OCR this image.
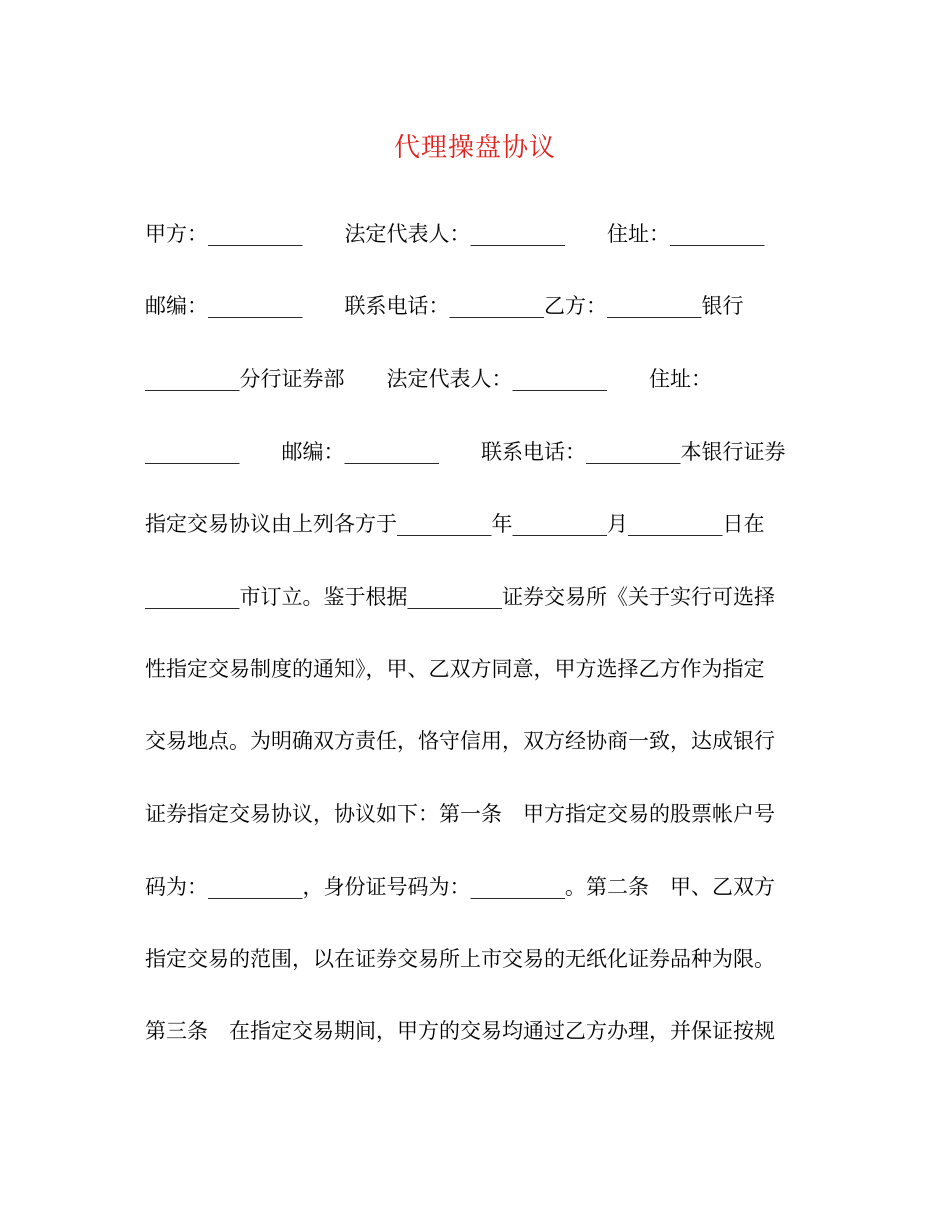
代理操盘协议
甲方：_________　　法定代表人：_________　　住址：_________
邮编：_________　　联系电话：_________乙方：_________银行
_________分行证券部　　法定代表人：_________　　住址：
_________　　邮编：_________　　联系电话：_________本银行证券
指定交易协议由上列各方于_________年_________月_________日在
_________市订立。鉴于根据_________证券交易所《关于实行可选择
性指定交易制度的通知》，甲、乙双方同意，甲方选择乙方作为指定
交易地点。为明确双方责任，恪守信用，双方经协商一致，达成银行
证券指定交易协议，协议如下：第一条　甲方指定交易的股票帐户号
码为：_________，身份证号码为：_________。第二条　甲、乙双方
指定交易的范围，以在证券交易所上市交易的无纸化证券品种为限。
第三条　在指定交易期间，甲方的交易均通过乙方办理，并保证按规
